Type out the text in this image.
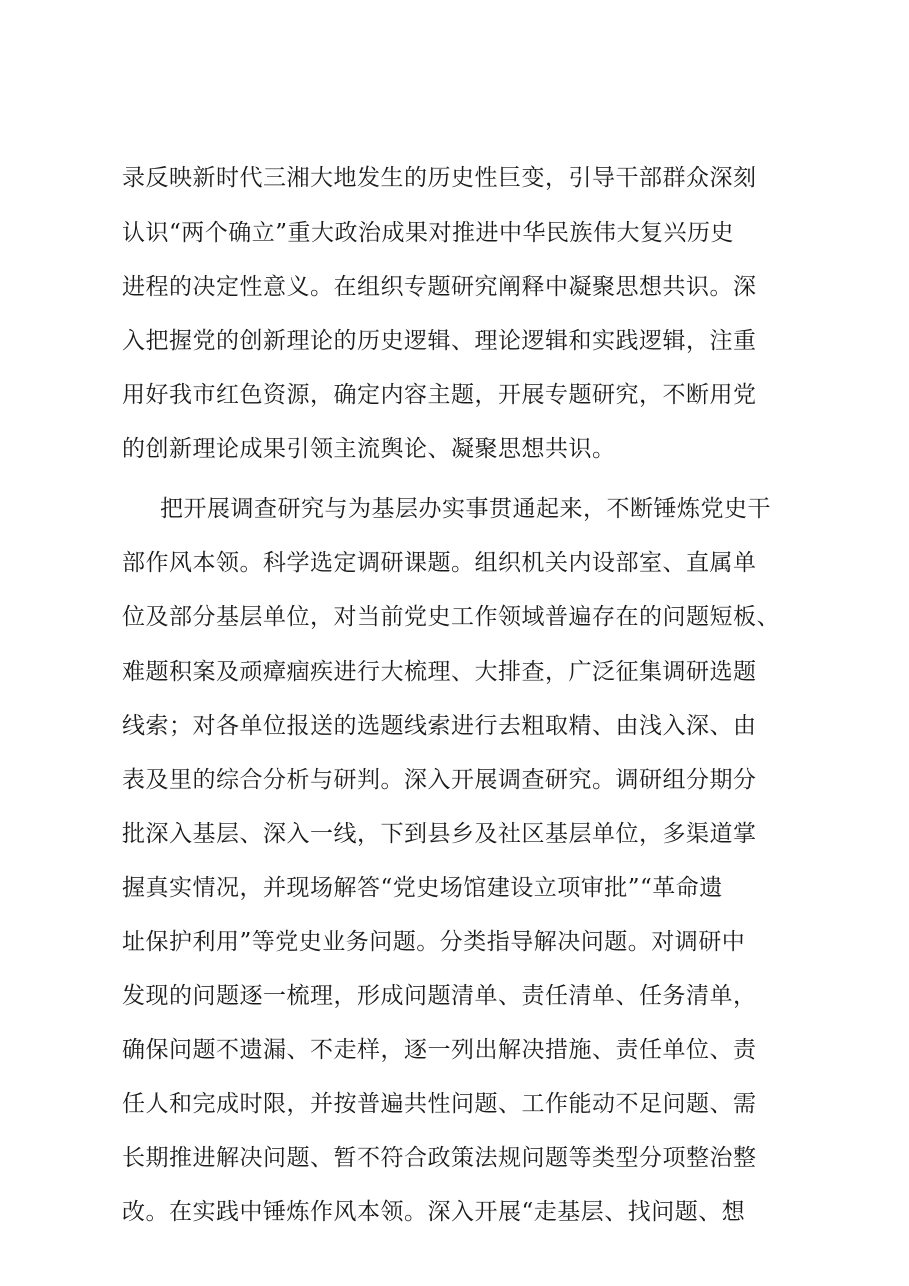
录反映新时代三湘大地发生的历史性巨变，引导干部群众深刻

认识“两个确立”重大政治成果对推进中华民族伟大复兴历史

进程的决定性意义。在组织专题研究阐释中凝聚思想共识。深

入把握党的创新理论的历史逻辑、理论逻辑和实践逻辑，注重

用好我市红色资源，确定内容主题，开展专题研究，不断用党

的创新理论成果引领主流舆论、凝聚思想共识。

把开展调查研究与为基层办实事贯通起来，不断锤炼党史干

部作风本领。科学选定调研课题。组织机关内设部室、直属单

位及部分基层单位，对当前党史工作领域普遍存在的问题短板、

难题积案及顽瘴痼疾进行大梳理、大排查，广泛征集调研选题

线索；对各单位报送的选题线索进行去粗取精、由浅入深、由

表及里的综合分析与研判。深入开展调查研究。调研组分期分

批深入基层、深入一线，下到县乡及社区基层单位，多渠道掌

握真实情况，并现场解答“党史场馆建设立项审批”“革命遗

址保护利用”等党史业务问题。分类指导解决问题。对调研中

发现的问题逐一梳理，形成问题清单、责任清单、任务清单，

确保问题不遗漏、不走样，逐一列出解决措施、责任单位、责

任人和完成时限，并按普遍共性问题、工作能动不足问题、需

长期推进解决问题、暂不符合政策法规问题等类型分项整治整

改。在实践中锤炼作风本领。深入开展“走基层、找问题、想
